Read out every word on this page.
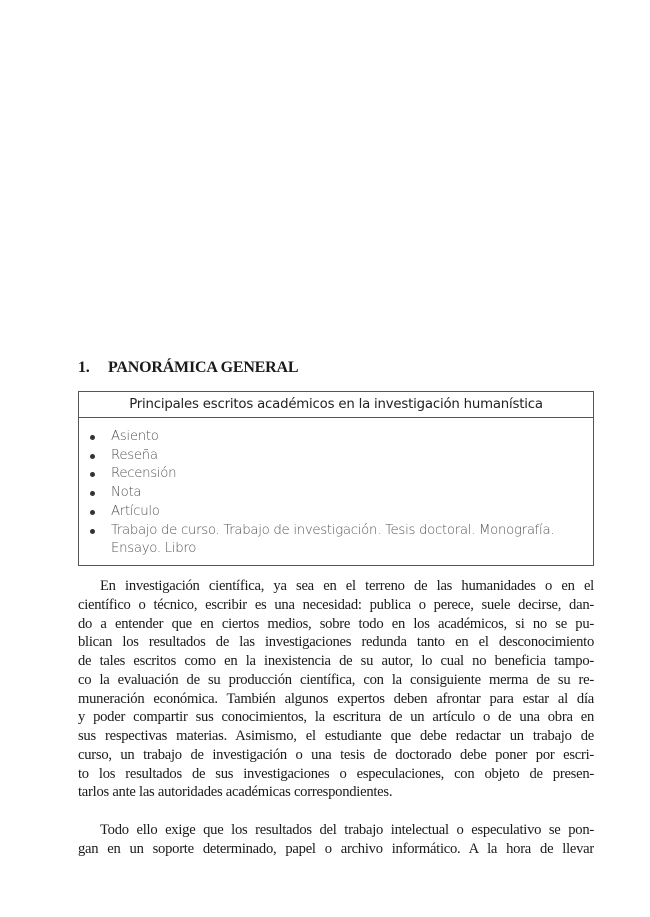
1. PANORÁMICA GENERAL
Principales escritos académicos en la investigación humanística
Asiento
Reseña
Recensión
Nota
Artículo
Trabajo de curso. Trabajo de investigación. Tesis doctoral. Monografía.
Ensayo. Libro
En investigación científica, ya sea en el terreno de las humanidades o en el
científico o técnico, escribir es una necesidad: publica o perece, suele decirse, dan-
do a entender que en ciertos medios, sobre todo en los académicos, si no se pu-
blican los resultados de las investigaciones redunda tanto en el desconocimiento
de tales escritos como en la inexistencia de su autor, lo cual no beneficia tampo-
co la evaluación de su producción científica, con la consiguiente merma de su re-
muneración económica. También algunos expertos deben afrontar para estar al día
y poder compartir sus conocimientos, la escritura de un artículo o de una obra en
sus respectivas materias. Asimismo, el estudiante que debe redactar un trabajo de
curso, un trabajo de investigación o una tesis de doctorado debe poner por escri-
to los resultados de sus investigaciones o especulaciones, con objeto de presen-
tarlos ante las autoridades académicas correspondientes.
Todo ello exige que los resultados del trabajo intelectual o especulativo se pon-
gan en un soporte determinado, papel o archivo informático. A la hora de llevar
